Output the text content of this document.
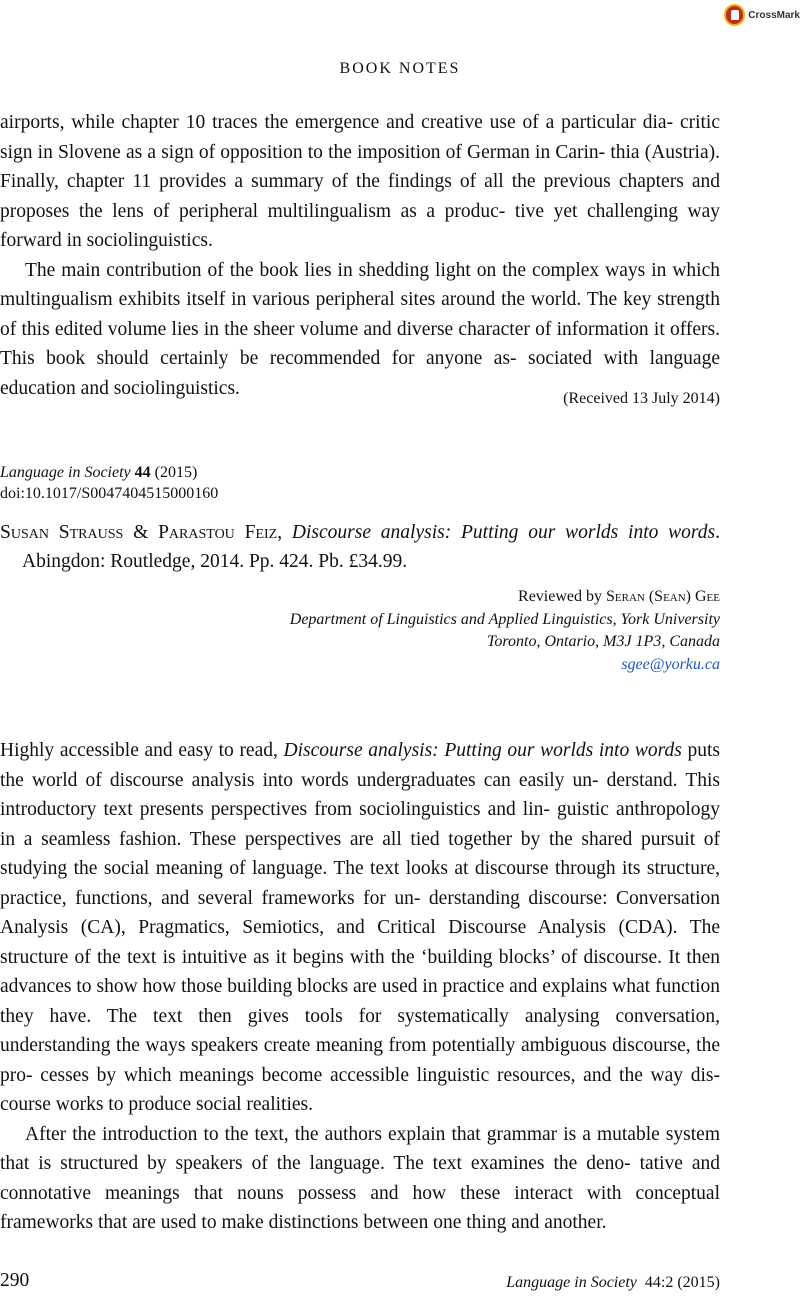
CrossMark
BOOK NOTES

airports, while chapter 10 traces the emergence and creative use of a particular dia- critic sign in Slovene as a sign of opposition to the imposition of German in Carin- thia (Austria). Finally, chapter 11 provides a summary of the findings of all the previous chapters and proposes the lens of peripheral multilingualism as a produc- tive yet challenging way forward in sociolinguistics.

The main contribution of the book lies in shedding light on the complex ways in which multingualism exhibits itself in various peripheral sites around the world. The key strength of this edited volume lies in the sheer volume and diverse character of information it offers. This book should certainly be recommended for anyone as- sociated with language education and sociolinguistics.	(Received 13 July 2014)
Language in Society 44 (2015)
doi:10.1017/S0047404515000160
Susan Strauss & Parastou Feiz, Discourse analysis: Putting our worlds into words. Abingdon: Routledge, 2014. Pp. 424. Pb. £34.99.
Reviewed by Seran (Sean) Gee
Department of Linguistics and Applied Linguistics, York University
Toronto, Ontario, M3J 1P3, Canada
sgee@yorku.ca

Highly accessible and easy to read, Discourse analysis: Putting our worlds into words puts the world of discourse analysis into words undergraduates can easily un- derstand. This introductory text presents perspectives from sociolinguistics and lin- guistic anthropology in a seamless fashion. These perspectives are all tied together by the shared pursuit of studying the social meaning of language. The text looks at discourse through its structure, practice, functions, and several frameworks for un- derstanding discourse: Conversation Analysis (CA), Pragmatics, Semiotics, and Critical Discourse Analysis (CDA). The structure of the text is intuitive as it begins with the ‘building blocks’ of discourse. It then advances to show how those building blocks are used in practice and explains what function they have. The text then gives tools for systematically analysing conversation, understanding the ways speakers create meaning from potentially ambiguous discourse, the pro- cesses by which meanings become accessible linguistic resources, and the way dis- course works to produce social realities.

After the introduction to the text, the authors explain that grammar is a mutable system that is structured by speakers of the language. The text examines the deno- tative and connotative meanings that nouns possess and how these interact with conceptual frameworks that are used to make distinctions between one thing and another.

290	Language in Society 44:2 (2015)
